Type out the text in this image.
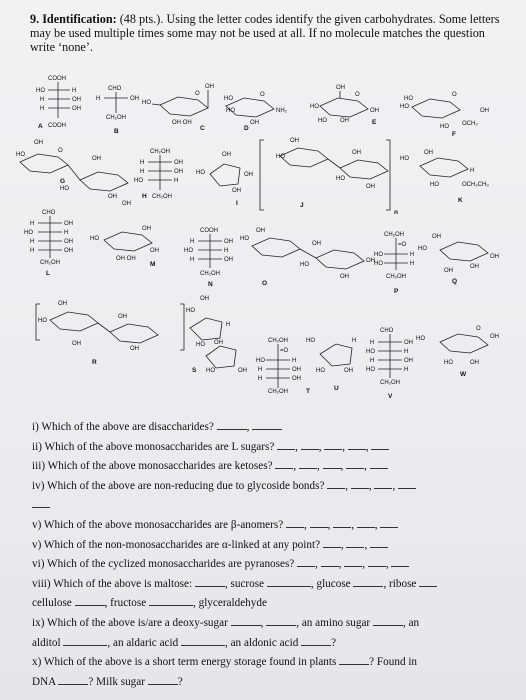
9. Identification: (48 pts.). Using the letter codes identify the given carbohydrates. Some letters may be used multiple times some may not be used at all. If no molecule matches the question write ‘none’.
COOH
HO	H
H	OH
H	OH
COOH
A
CHO
H	OH
CH₂OH
B
HO
O
OH
OH OH
C
HO
HO
O
NH₂
OH
D
HO
OH
O
OH
HO OH	E
HO
HO
O
OH
HO OCH₃
F
HO
OH
O
OH
HO
OH
OH
G
CH₂OH
H	OH
H	OH
HO	H
CH₂OH
H
HO
OH
OH
OH
I
OH
HO
OH
HO
OH
J
n
HO
OH
H
OCH₂CH₃
HO
K
CHO
H	OH
HO	H
H	OH
H	OH
CH₂OH
L
HO
OH
OH
OH OH
M
COOH
H	OH
HO	H
H	OH
CH₂OH
N
HO
OH
OH
HO
OH
OH
O
CH₂OH
=O
HO	H
HO	H
CH₂OH
P
HO
OH
OH
OH
OH
Q
HO
OH
OH
OH
OH
R
HO
OH
H
OH
HO
OH
S HO
CH₂OH
=O
HO	H
H	OH
H	OH
CH₂OH	T
HO	H
HO	OH
U
CHO
H	OH
HO	H
H	OH
HO	H
CH₂OH
V
HO
O
OH
HO	OH
W
i) Which of the above are disaccharides?	,
ii) Which of the above monosaccharides are L sugars? , , , ,
iii) Which of the above monosaccharides are ketoses? , , , ,
iv) Which of the above are non-reducing due to glycoside bonds? , , ,
v) Which of the above monosaccharides are β-anomers? , , , ,
v) Which of the non-monosaccharides are α-linked at any point? , ,
vi) Which of the cyclized monosaccharides are pyranoses? , , , ,
viii) Which of the above is maltose:	, sucrose	, glucose	, ribose
cellulose	, fructose	, glyceraldehyde
ix) Which of the above is/are a deoxy-sugar	,	, an amino sugar	, an
alditol	, an aldaric acid	, an aldonic acid	?
x) Which of the above is a short term energy storage found in plants	? Found in
DNA	? Milk sugar	?
